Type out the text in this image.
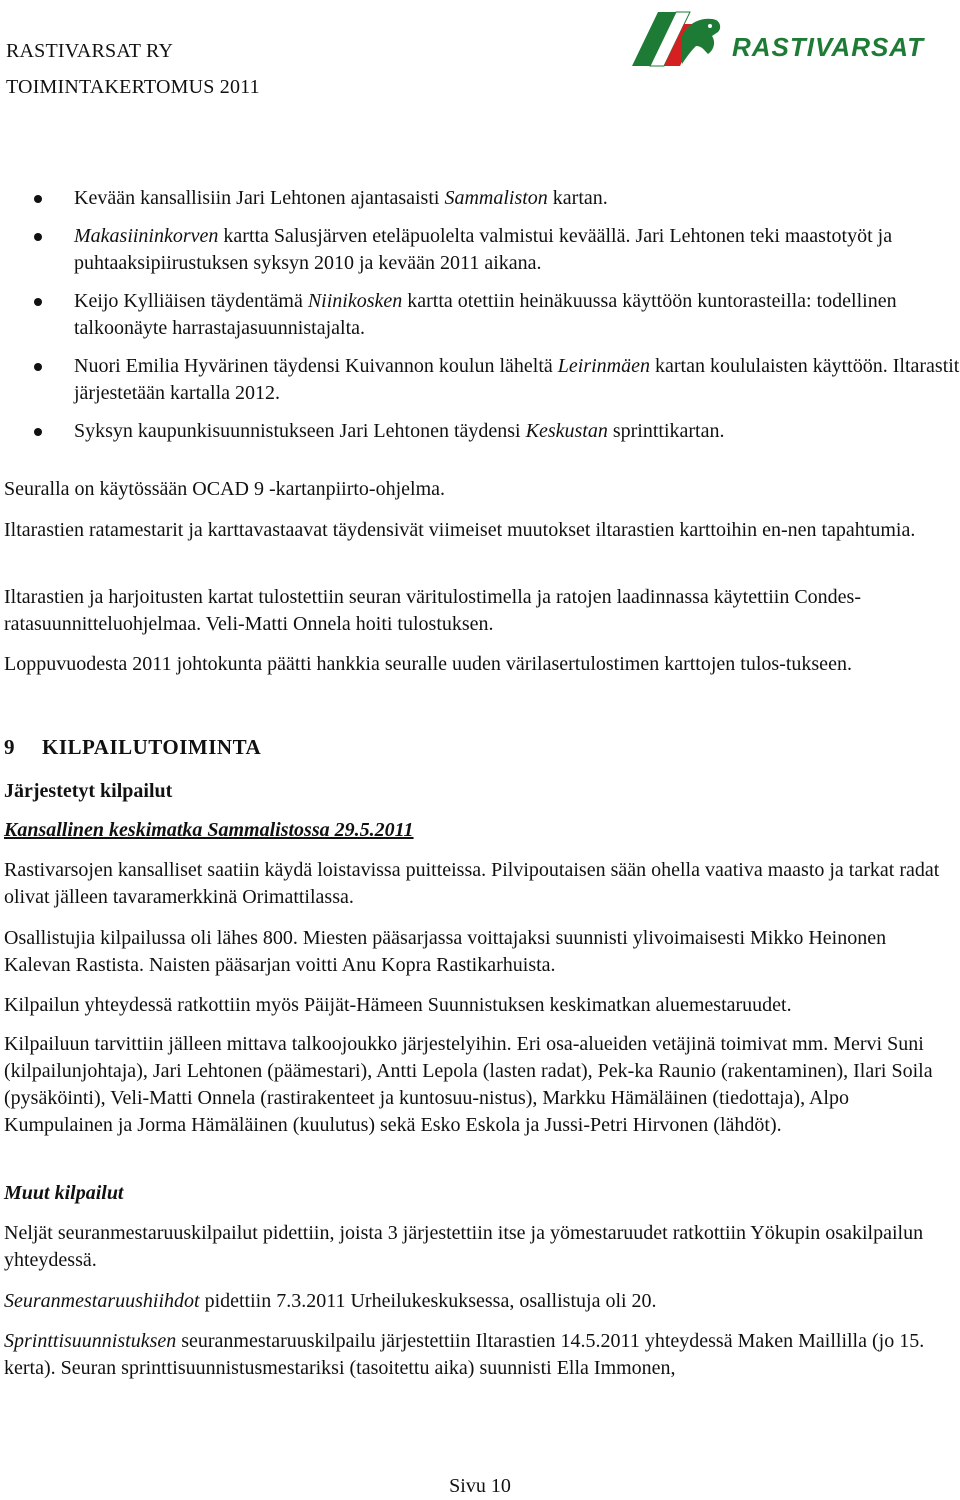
RASTIVARSAT RY
TOIMINTAKERTOMUS 2011
RASTIVARSAT
Kevään kansallisiin Jari Lehtonen ajantasaisti Sammaliston kartan.
Makasiininkorven kartta Salusjärven eteläpuolelta valmistui keväällä. Jari Lehtonen teki maastotyöt ja puhtaaksipiirustuksen syksyn 2010 ja kevään 2011 aikana.
Keijo Kylliäisen täydentämä Niinikosken kartta otettiin heinäkuussa käyttöön kuntorasteilla: todellinen talkoonäyte harrastajasuunnistajalta.
Nuori Emilia Hyvärinen täydensi Kuivannon koulun läheltä Leirinmäen kartan koululaisten käyttöön. Iltarastit järjestetään kartalla 2012.
Syksyn kaupunkisuunnistukseen Jari Lehtonen täydensi Keskustan sprinttikartan.

Seuralla on käytössään OCAD 9 -kartanpiirto-ohjelma.

Iltarastien ratamestarit ja karttavastaavat täydensivät viimeiset muutokset iltarastien karttoihin en-nen tapahtumia.

Iltarastien ja harjoitusten kartat tulostettiin seuran väritulostimella ja ratojen laadinnassa käytettiin Condes-ratasuunnitteluohjelmaa. Veli-Matti Onnela hoiti tulostuksen.

Loppuvuodesta 2011 johtokunta päätti hankkia seuralle uuden värilasertulostimen karttojen tulos-tukseen.

9 KILPAILUTOIMINTA
Järjestetyt kilpailut
Kansallinen keskimatka Sammalistossa 29.5.2011

Rastivarsojen kansalliset saatiin käydä loistavissa puitteissa. Pilvipoutaisen sään ohella vaativa maasto ja tarkat radat olivat jälleen tavaramerkkinä Orimattilassa.

Osallistujia kilpailussa oli lähes 800. Miesten pääsarjassa voittajaksi suunnisti ylivoimaisesti Mikko Heinonen Kalevan Rastista. Naisten pääsarjan voitti Anu Kopra Rastikarhuista.

Kilpailun yhteydessä ratkottiin myös Päijät-Hämeen Suunnistuksen keskimatkan aluemestaruudet.

Kilpailuun tarvittiin jälleen mittava talkoojoukko järjestelyihin. Eri osa-alueiden vetäjinä toimivat mm. Mervi Suni (kilpailunjohtaja), Jari Lehtonen (päämestari), Antti Lepola (lasten radat), Pek-ka Raunio (rakentaminen), Ilari Soila (pysäköinti), Veli-Matti Onnela (rastirakenteet ja kuntosuu-nistus), Markku Hämäläinen (tiedottaja), Alpo Kumpulainen ja Jorma Hämäläinen (kuulutus) sekä Esko Eskola ja Jussi-Petri Hirvonen (lähdöt).

Muut kilpailut

Neljät seuranmestaruuskilpailut pidettiin, joista 3 järjestettiin itse ja yömestaruudet ratkottiin Yökupin osakilpailun yhteydessä.

Seuranmestaruushiihdot pidettiin 7.3.2011 Urheilukeskuksessa, osallistuja oli 20.

Sprinttisuunnistuksen seuranmestaruuskilpailu järjestettiin Iltarastien 14.5.2011 yhteydessä Maken Maillilla (jo 15. kerta). Seuran sprinttisuunnistusmestariksi (tasoitettu aika) suunnisti Ella Immonen,

Sivu 10
